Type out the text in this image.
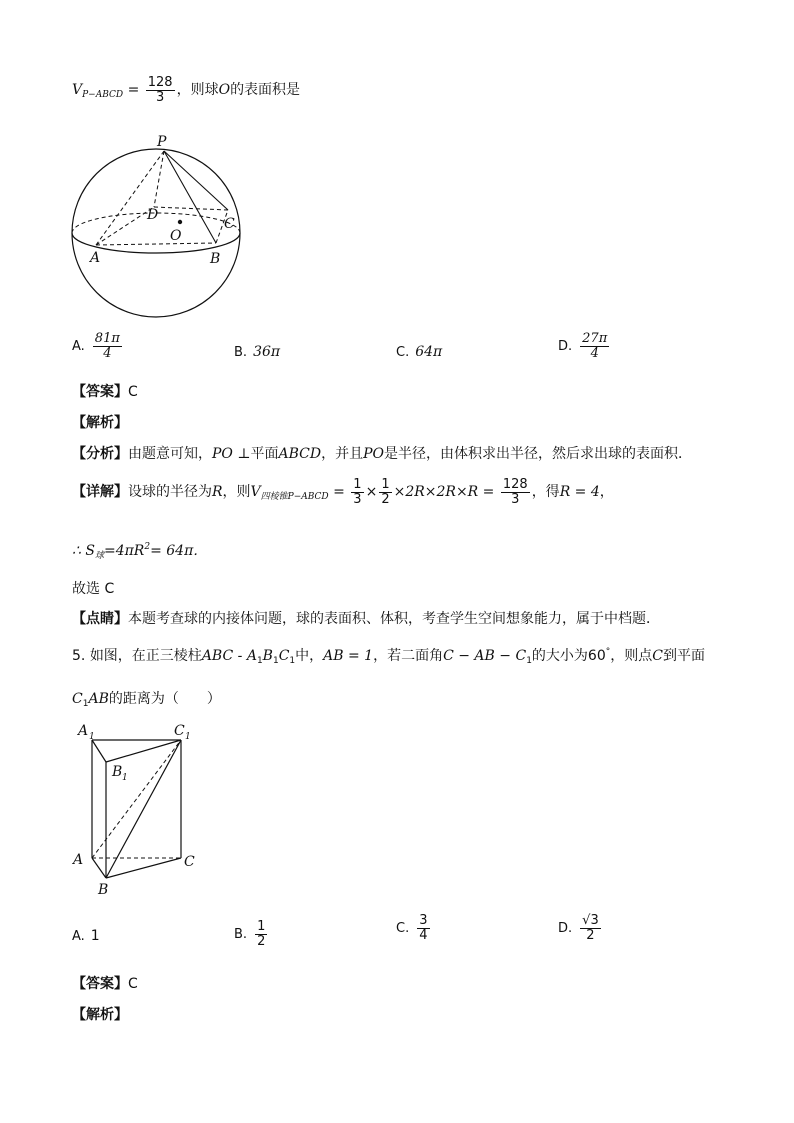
$V_{P-ABCD} = \frac{128}{3}$ ，则球O的表面积是
P
D
C
O
A	B
A. $\frac{81\pi}{4}$	B. 36π	C. 64π	D. $\frac{27\pi}{4}$
【答案】C
【解析】
【分析】由题意可知，PO ⊥平面ABCD，并且PO是半径，由体积求出半径，然后求出球的表面积．
【详解】设球的半径为R，则$V_{四棱锥P-ABCD} = \frac{1}{3} \times \frac{1}{2} \times 2R\times 2R\times R = \frac{128}{3}$ ，得R = 4，
∴ $S_球=4\pi R^2= 64\pi$．
故选 C
【点睛】本题考查球的内接体问题，球的表面积、体积，考查学生空间想象能力，属于中档题．
5. 如图，在正三棱柱ABC - $A_1B_1C_1$中，AB = 1，若二面角C − AB − $C_1$的大小为60°，则点C到平面
$C_1AB$的距离为（　　）
A 1	C 1
B 1
A	C
B
A. 1	B. $\frac{1}{2}$	C. $\frac{3}{4}$	D. $\frac{√3}{2}$
【答案】C
【解析】
